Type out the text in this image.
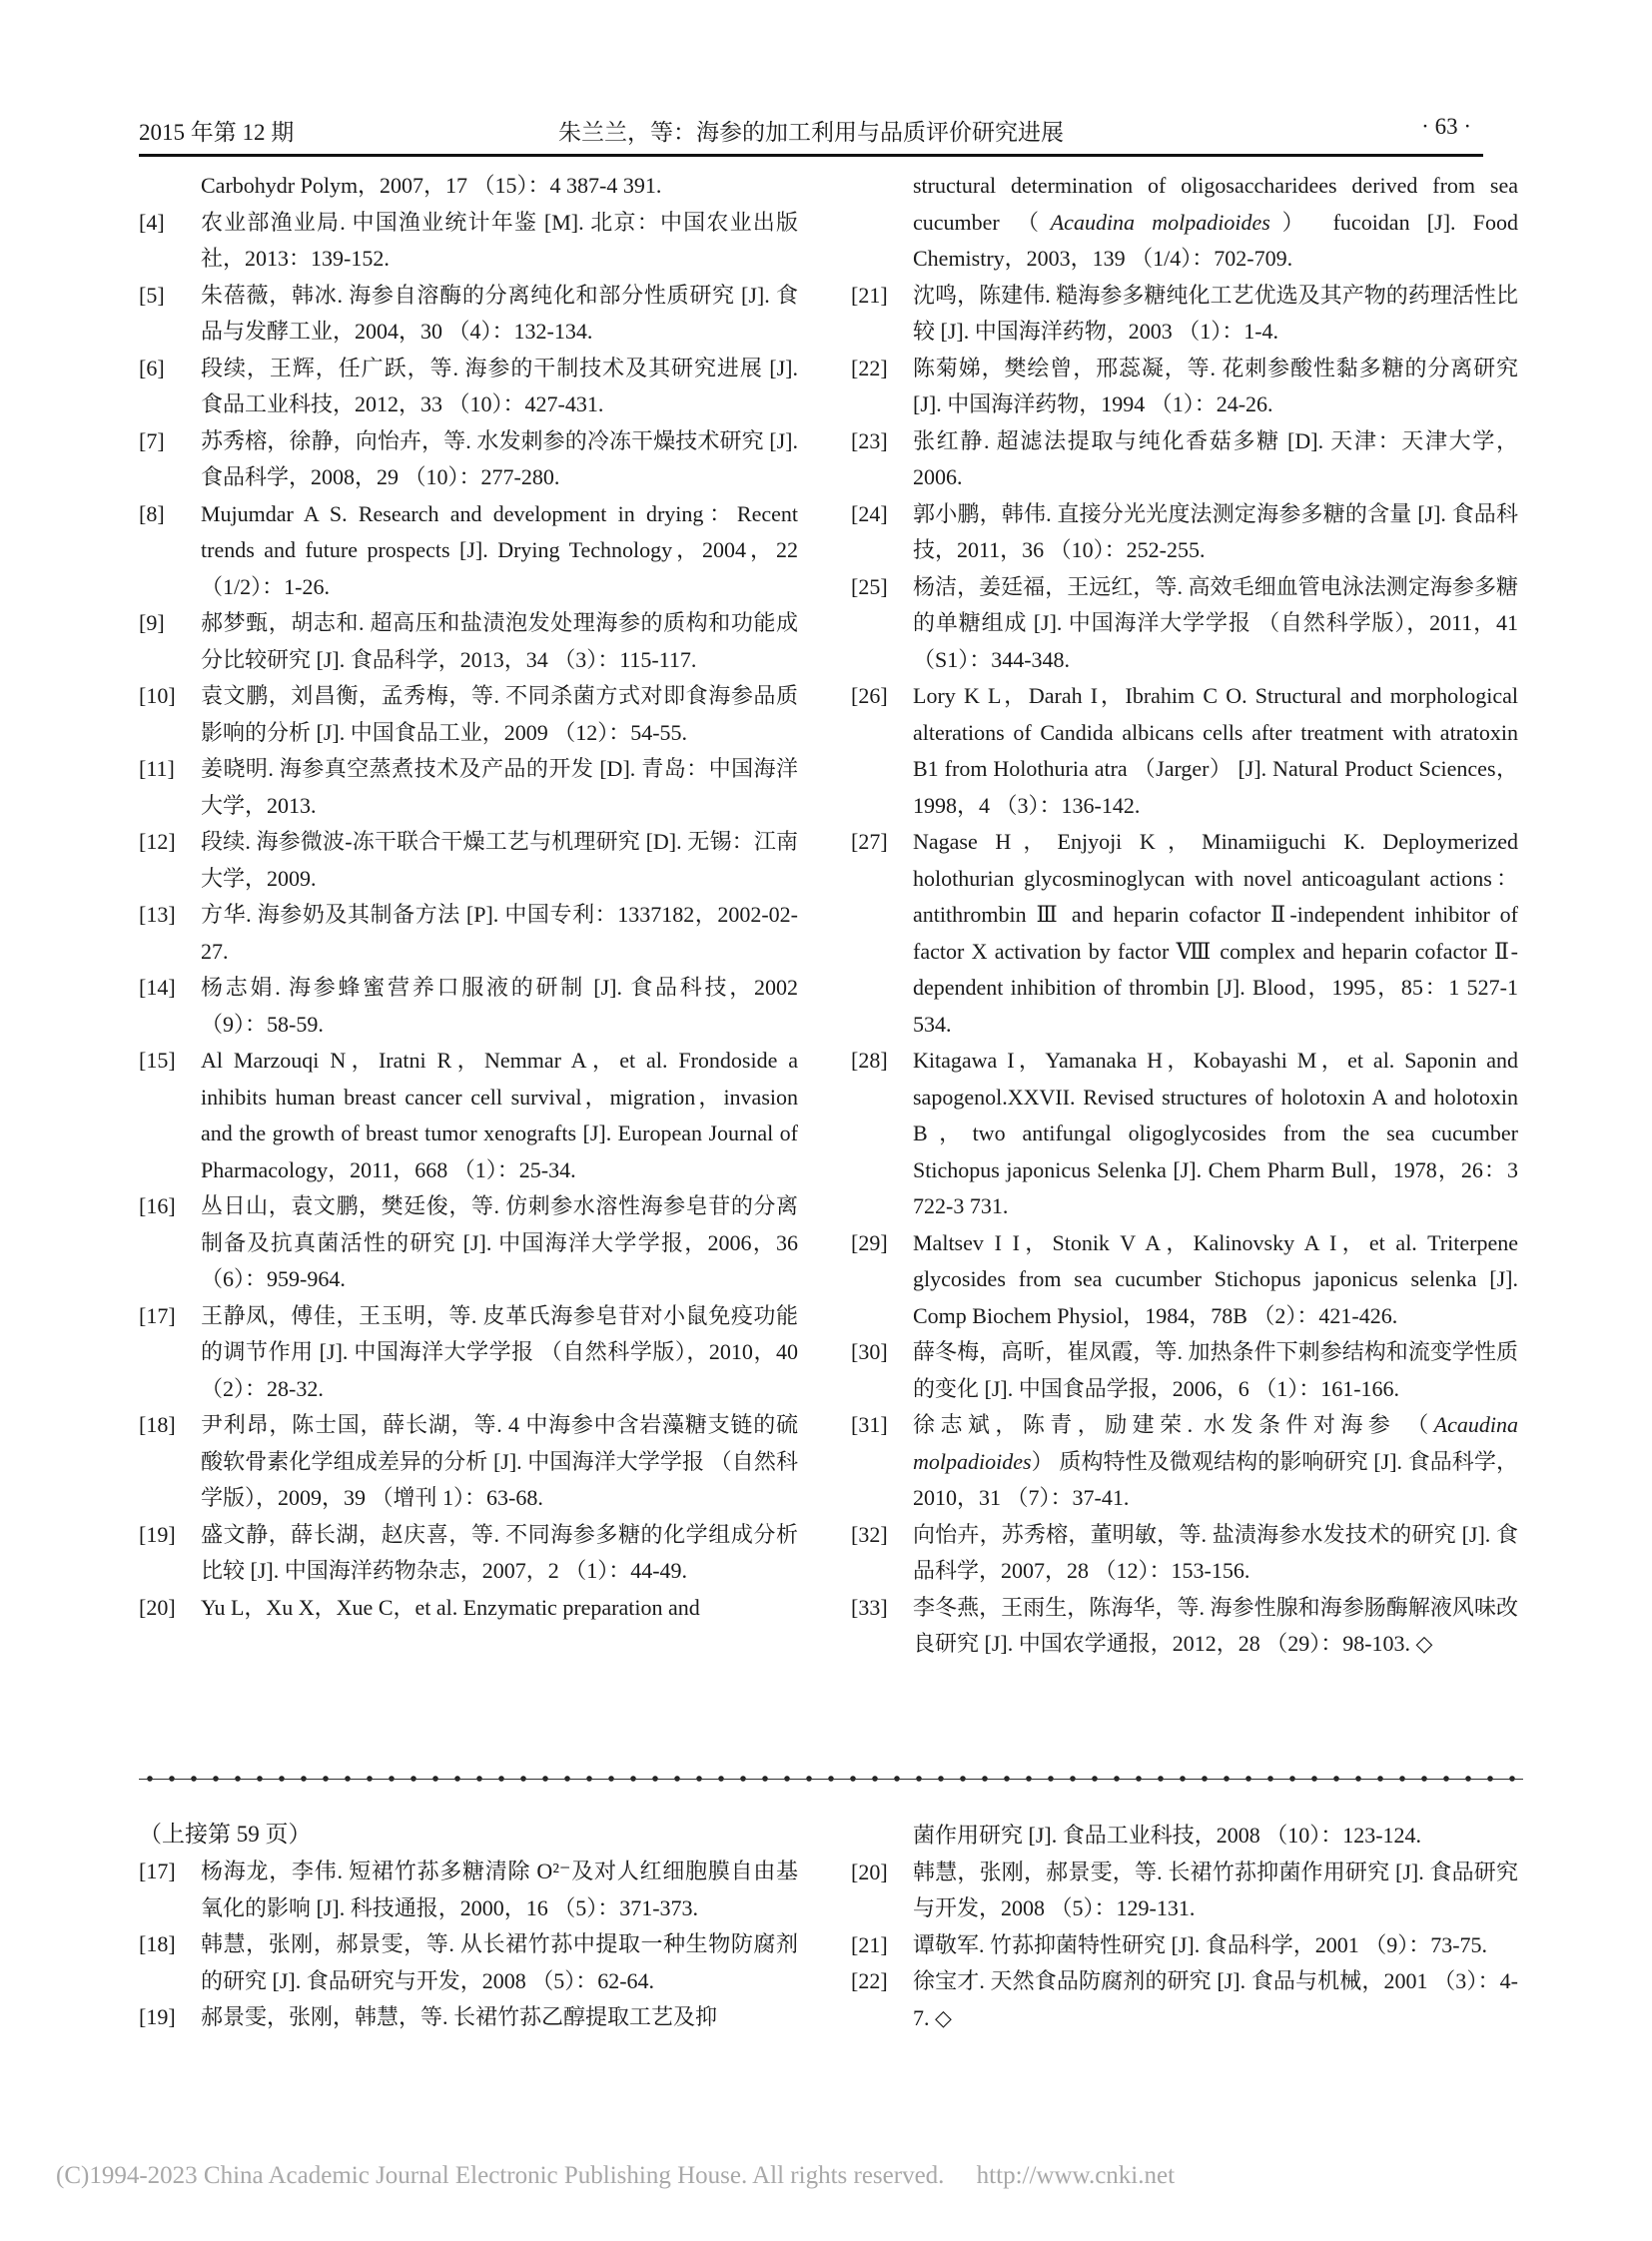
2015 年第 12 期	朱兰兰，等：海参的加工利用与品质评价研究进展	· 63 ·
Carbohydr Polym，2007，17 （15）：4 387-4 391.
[4] 农业部渔业局. 中国渔业统计年鉴 [M]. 北京：中国农业出版社，2013：139-152.
[5] 朱蓓薇，韩冰. 海参自溶酶的分离纯化和部分性质研究 [J]. 食品与发酵工业，2004，30 （4）：132-134.
[6] 段续，王辉，任广跃，等. 海参的干制技术及其研究进展 [J]. 食品工业科技，2012，33 （10）：427-431.
[7] 苏秀榕，徐静，向怡卉，等. 水发刺参的冷冻干燥技术研究 [J]. 食品科学，2008，29 （10）：277-280.
[8] Mujumdar A S. Research and development in drying：Recent trends and future prospects [J]. Drying Technology，2004，22 （1/2）：1-26.
[9] 郝梦甄，胡志和. 超高压和盐渍泡发处理海参的质构和功能成分比较研究 [J]. 食品科学，2013，34 （3）：115-117.
[10] 袁文鹏，刘昌衡，孟秀梅，等. 不同杀菌方式对即食海参品质影响的分析 [J]. 中国食品工业，2009 （12）：54-55.
[11] 姜晓明. 海参真空蒸煮技术及产品的开发 [D]. 青岛：中国海洋大学，2013.
[12] 段续. 海参微波-冻干联合干燥工艺与机理研究 [D]. 无锡：江南大学，2009.
[13] 方华. 海参奶及其制备方法 [P]. 中国专利：1337182，2002-02-27.
[14] 杨志娟. 海参蜂蜜营养口服液的研制 [J]. 食品科技，2002 （9）：58-59.
[15] Al Marzouqi N，Iratni R，Nemmar A，et al. Frondoside a inhibits human breast cancer cell survival，migration，invasion and the growth of breast tumor xenografts [J]. European Journal of Pharmacology，2011，668 （1）：25-34.
[16] 丛日山，袁文鹏，樊廷俊，等. 仿刺参水溶性海参皂苷的分离制备及抗真菌活性的研究 [J]. 中国海洋大学学报，2006，36 （6）：959-964.
[17] 王静凤，傅佳，王玉明，等. 皮革氏海参皂苷对小鼠免疫功能的调节作用 [J]. 中国海洋大学学报 （自然科学版），2010，40 （2）：28-32.
[18] 尹利昂，陈士国，薛长湖，等. 4 中海参中含岩藻糖支链的硫酸软骨素化学组成差异的分析 [J]. 中国海洋大学学报 （自然科学版），2009，39 （增刊 1）：63-68.
[19] 盛文静，薛长湖，赵庆喜，等. 不同海参多糖的化学组成分析比较 [J]. 中国海洋药物杂志，2007，2 （1）：44-49.
[20] Yu L，Xu X，Xue C，et al. Enzymatic preparation and
structural determination of oligosaccharidees derived from sea cucumber （Acaudina molpadioides） fucoidan [J]. Food Chemistry，2003，139 （1/4）：702-709.
[21] 沈鸣，陈建伟. 糙海参多糖纯化工艺优选及其产物的药理活性比较 [J]. 中国海洋药物，2003 （1）：1-4.
[22] 陈菊娣，樊绘曾，邢蕊凝，等. 花刺参酸性黏多糖的分离研究 [J]. 中国海洋药物，1994 （1）：24-26.
[23] 张红静. 超滤法提取与纯化香菇多糖 [D]. 天津：天津大学，2006.
[24] 郭小鹏，韩伟. 直接分光光度法测定海参多糖的含量 [J]. 食品科技，2011，36 （10）：252-255.
[25] 杨洁，姜廷福，王远红，等. 高效毛细血管电泳法测定海参多糖的单糖组成 [J]. 中国海洋大学学报 （自然科学版），2011，41 （S1）：344-348.
[26] Lory K L，Darah I，Ibrahim C O. Structural and morphological alterations of Candida albicans cells after treatment with atratoxin B1 from Holothuria atra （Jarger） [J]. Natural Product Sciences，1998，4 （3）：136-142.
[27] Nagase H，Enjyoji K，Minamiiguchi K. Deploymerized holothurian glycosminoglycan with novel anticoagulant actions：antithrombin Ⅲ and heparin cofactor Ⅱ-independent inhibitor of factor X activation by factor Ⅷ complex and heparin cofactor Ⅱ- dependent inhibition of thrombin [J]. Blood，1995，85：1 527-1 534.
[28] Kitagawa I，Yamanaka H，Kobayashi M，et al. Saponin and sapogenol.XXVII. Revised structures of holotoxin A and holotoxin B，two antifungal oligoglycosides from the sea cucumber Stichopus japonicus Selenka [J]. Chem Pharm Bull，1978，26：3 722-3 731.
[29] Maltsev I I，Stonik V A，Kalinovsky A I，et al. Triterpene glycosides from sea cucumber Stichopus japonicus selenka [J]. Comp Biochem Physiol，1984，78B （2）：421-426.
[30] 薛冬梅，高昕，崔凤霞，等. 加热条件下刺参结构和流变学性质的变化 [J]. 中国食品学报，2006，6 （1）：161-166.
[31] 徐志斌，陈青，励建荣. 水发条件对海参 （Acaudina molpadioides） 质构特性及微观结构的影响研究 [J]. 食品科学，2010，31 （7）：37-41.
[32] 向怡卉，苏秀榕，董明敏，等. 盐渍海参水发技术的研究 [J]. 食品科学，2007，28 （12）：153-156.
[33] 李冬燕，王雨生，陈海华，等. 海参性腺和海参肠酶解液风味改良研究 [J]. 中国农学通报，2012，28 （29）：98-103. ◇
（上接第 59 页）
[17] 杨海龙，李伟. 短裙竹荪多糖清除 O²⁻及对人红细胞膜自由基氧化的影响 [J]. 科技通报，2000，16 （5）：371-373.
[18] 韩慧，张刚，郝景雯，等. 从长裙竹荪中提取一种生物防腐剂的研究 [J]. 食品研究与开发，2008 （5）：62-64.
[19] 郝景雯，张刚，韩慧，等. 长裙竹荪乙醇提取工艺及抑
菌作用研究 [J]. 食品工业科技，2008 （10）：123-124.
[20] 韩慧，张刚，郝景雯，等. 长裙竹荪抑菌作用研究 [J]. 食品研究与开发，2008 （5）：129-131.
[21] 谭敬军. 竹荪抑菌特性研究 [J]. 食品科学，2001 （9）：73-75.
[22] 徐宝才. 天然食品防腐剂的研究 [J]. 食品与机械，2001 （3）：4-7. ◇
(C)1994-2023 China Academic Journal Electronic Publishing House. All rights reserved. http://www.cnki.net
